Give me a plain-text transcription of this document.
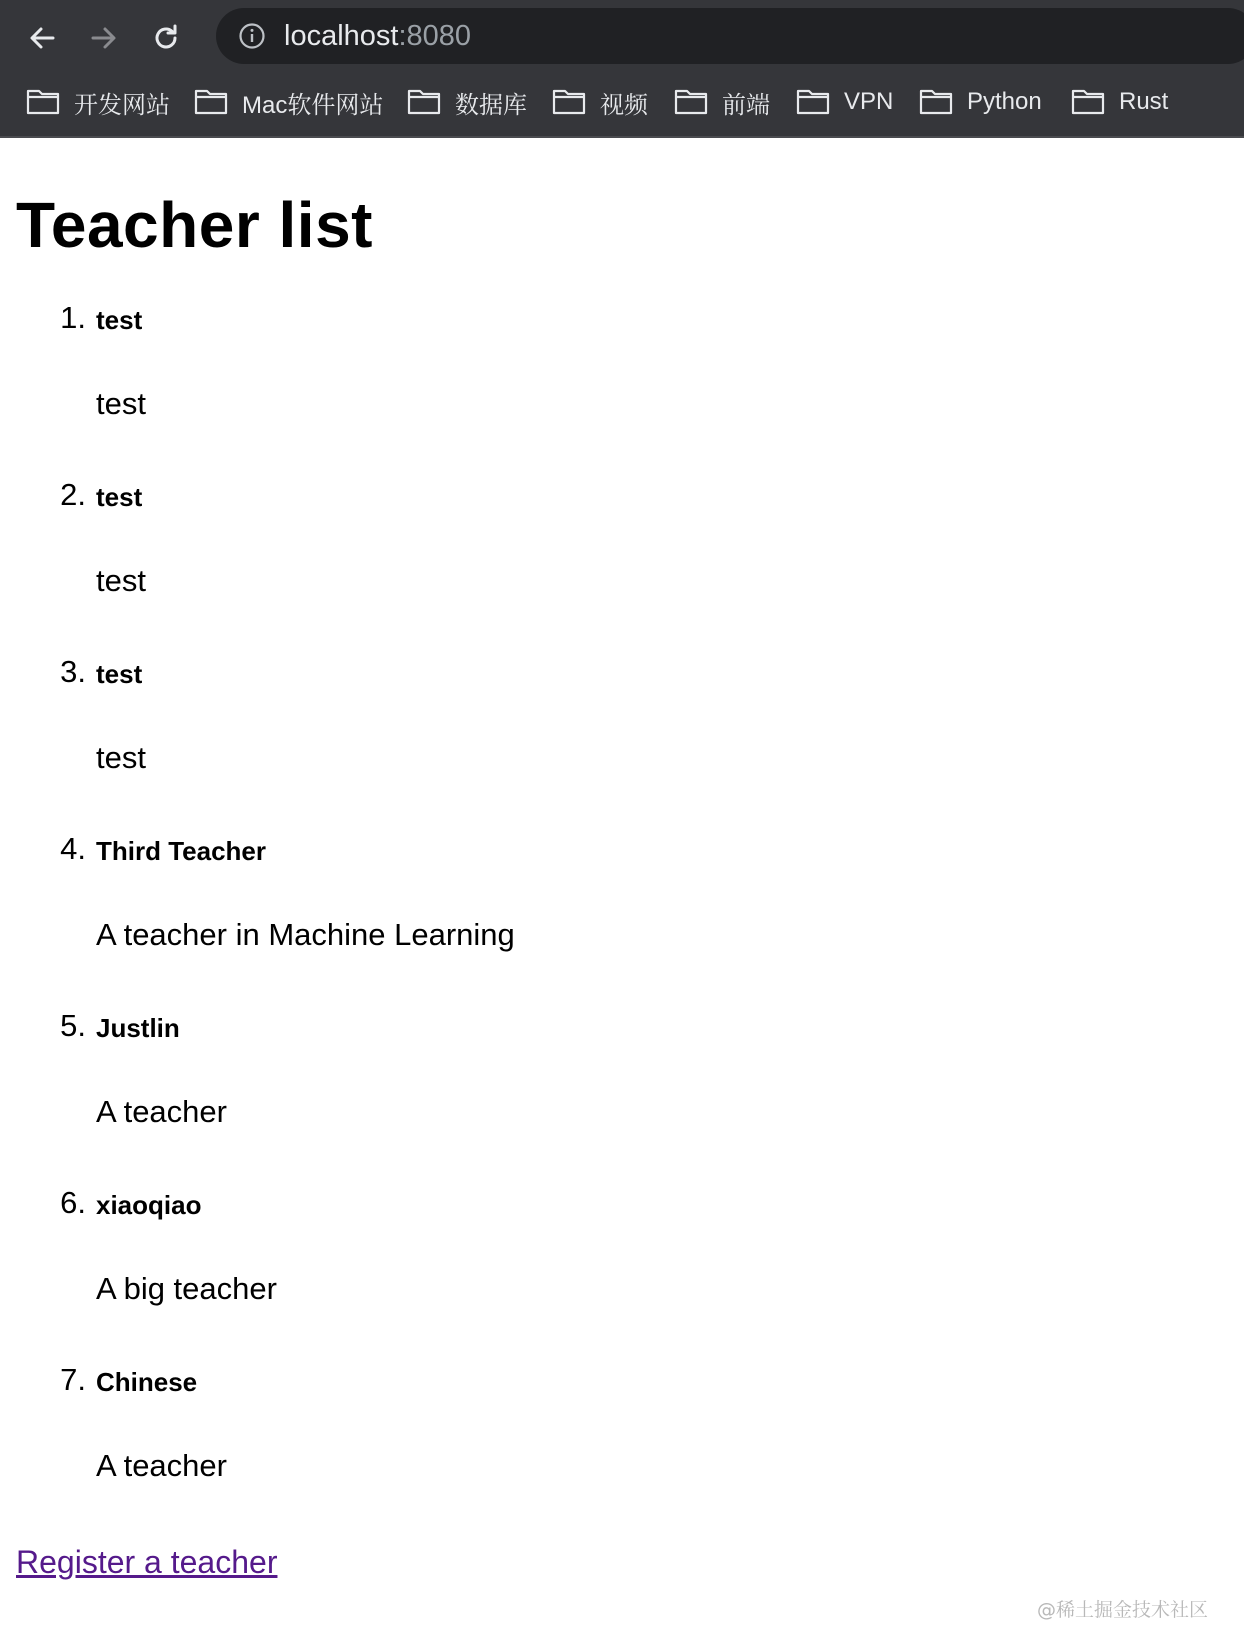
localhost:8080
开发网站	Mac软件网站	数据库	视频	前端	VPN	Python	Rust
Teacher list
1. test
test
2. test
test
3. test
test
4. Third Teacher
A teacher in Machine Learning
5. Justlin
A teacher
6. xiaoqiao
A big teacher
7. Chinese
A teacher
Register a teacher
@稀土掘金技术社区
